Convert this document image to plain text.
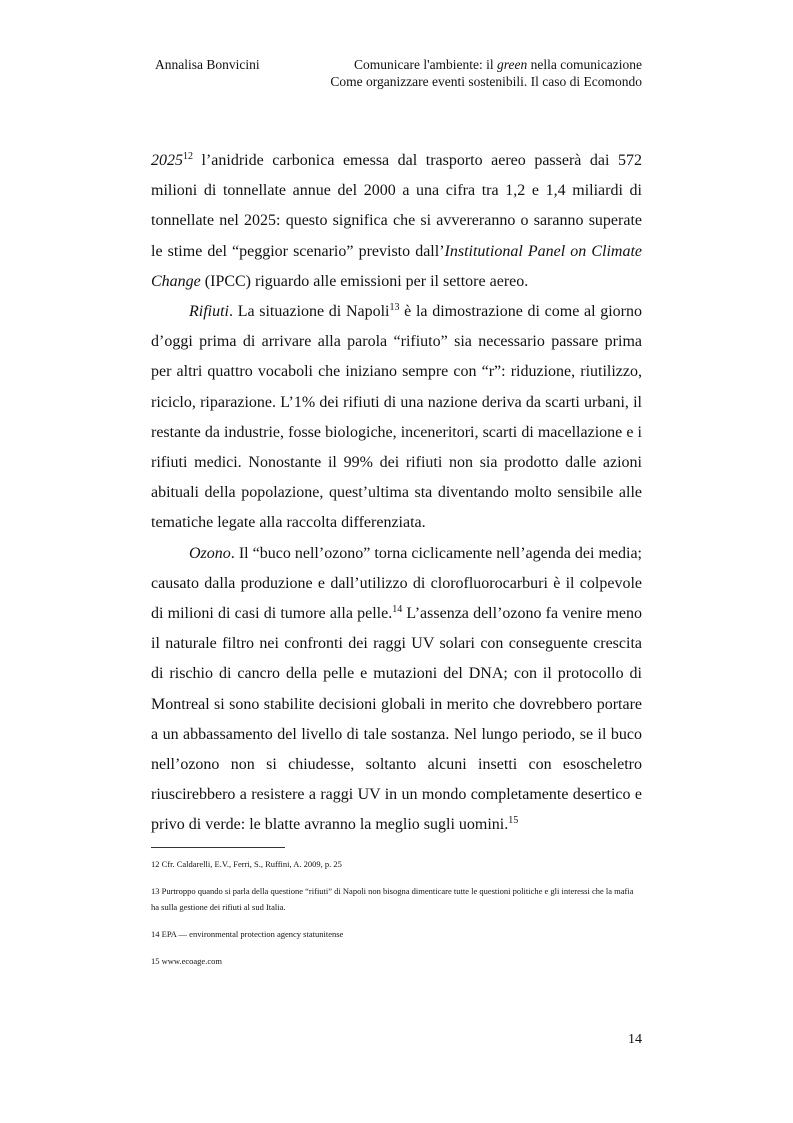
Annalisa Bonvicini	Comunicare l'ambiente: il green nella comunicazione
Come organizzare eventi sostenibili. Il caso di Ecomondo

2025$^{12}$ l’anidride carbonica emessa dal trasporto aereo passerà dai 572 milioni di tonnellate annue del 2000 a una cifra tra 1,2 e 1,4 miliardi di tonnellate nel 2025: questo significa che si avvereranno o saranno superate le stime del “peggior scenario” previsto dall’Institutional Panel on Climate Change (IPCC) riguardo alle emissioni per il settore aereo.

Rifiuti. La situazione di Napoli$^{13}$ è la dimostrazione di come al giorno d’oggi prima di arrivare alla parola “rifiuto” sia necessario passare prima per altri quattro vocaboli che iniziano sempre con “r”: riduzione, riutilizzo, riciclo, riparazione. L’1% dei rifiuti di una nazione deriva da scarti urbani, il restante da industrie, fosse biologiche, inceneritori, scarti di macellazione e i rifiuti medici. Nonostante il 99% dei rifiuti non sia prodotto dalle azioni abituali della popolazione, quest’ultima sta diventando molto sensibile alle tematiche legate alla raccolta differenziata.

Ozono. Il “buco nell’ozono” torna ciclicamente nell’agenda dei media; causato dalla produzione e dall’utilizzo di clorofluorocarburi è il colpevole di milioni di casi di tumore alla pelle.$^{14}$ L’assenza dell’ozono fa venire meno il naturale filtro nei confronti dei raggi UV solari con conseguente crescita di rischio di cancro della pelle e mutazioni del DNA; con il protocollo di Montreal si sono stabilite decisioni globali in merito che dovrebbero portare a un abbassamento del livello di tale sostanza. Nel lungo periodo, se il buco nell’ozono non si chiudesse, soltanto alcuni insetti con esoscheletro riuscirebbero a resistere a raggi UV in un mondo completamente desertico e privo di verde: le blatte avranno la meglio sugli uomini.$^{15}$

12 Cfr. Caldarelli, E.V., Ferri, S., Ruffini, A. 2009, p. 25
13 Purtroppo quando si parla della questione “rifiuti” di Napoli non bisogna dimenticare tutte le questioni politiche e gli interessi che la mafia ha sulla gestione dei rifiuti al sud Italia.
14 EPA — environmental protection agency statunitense
15 www.ecoage.com
14
